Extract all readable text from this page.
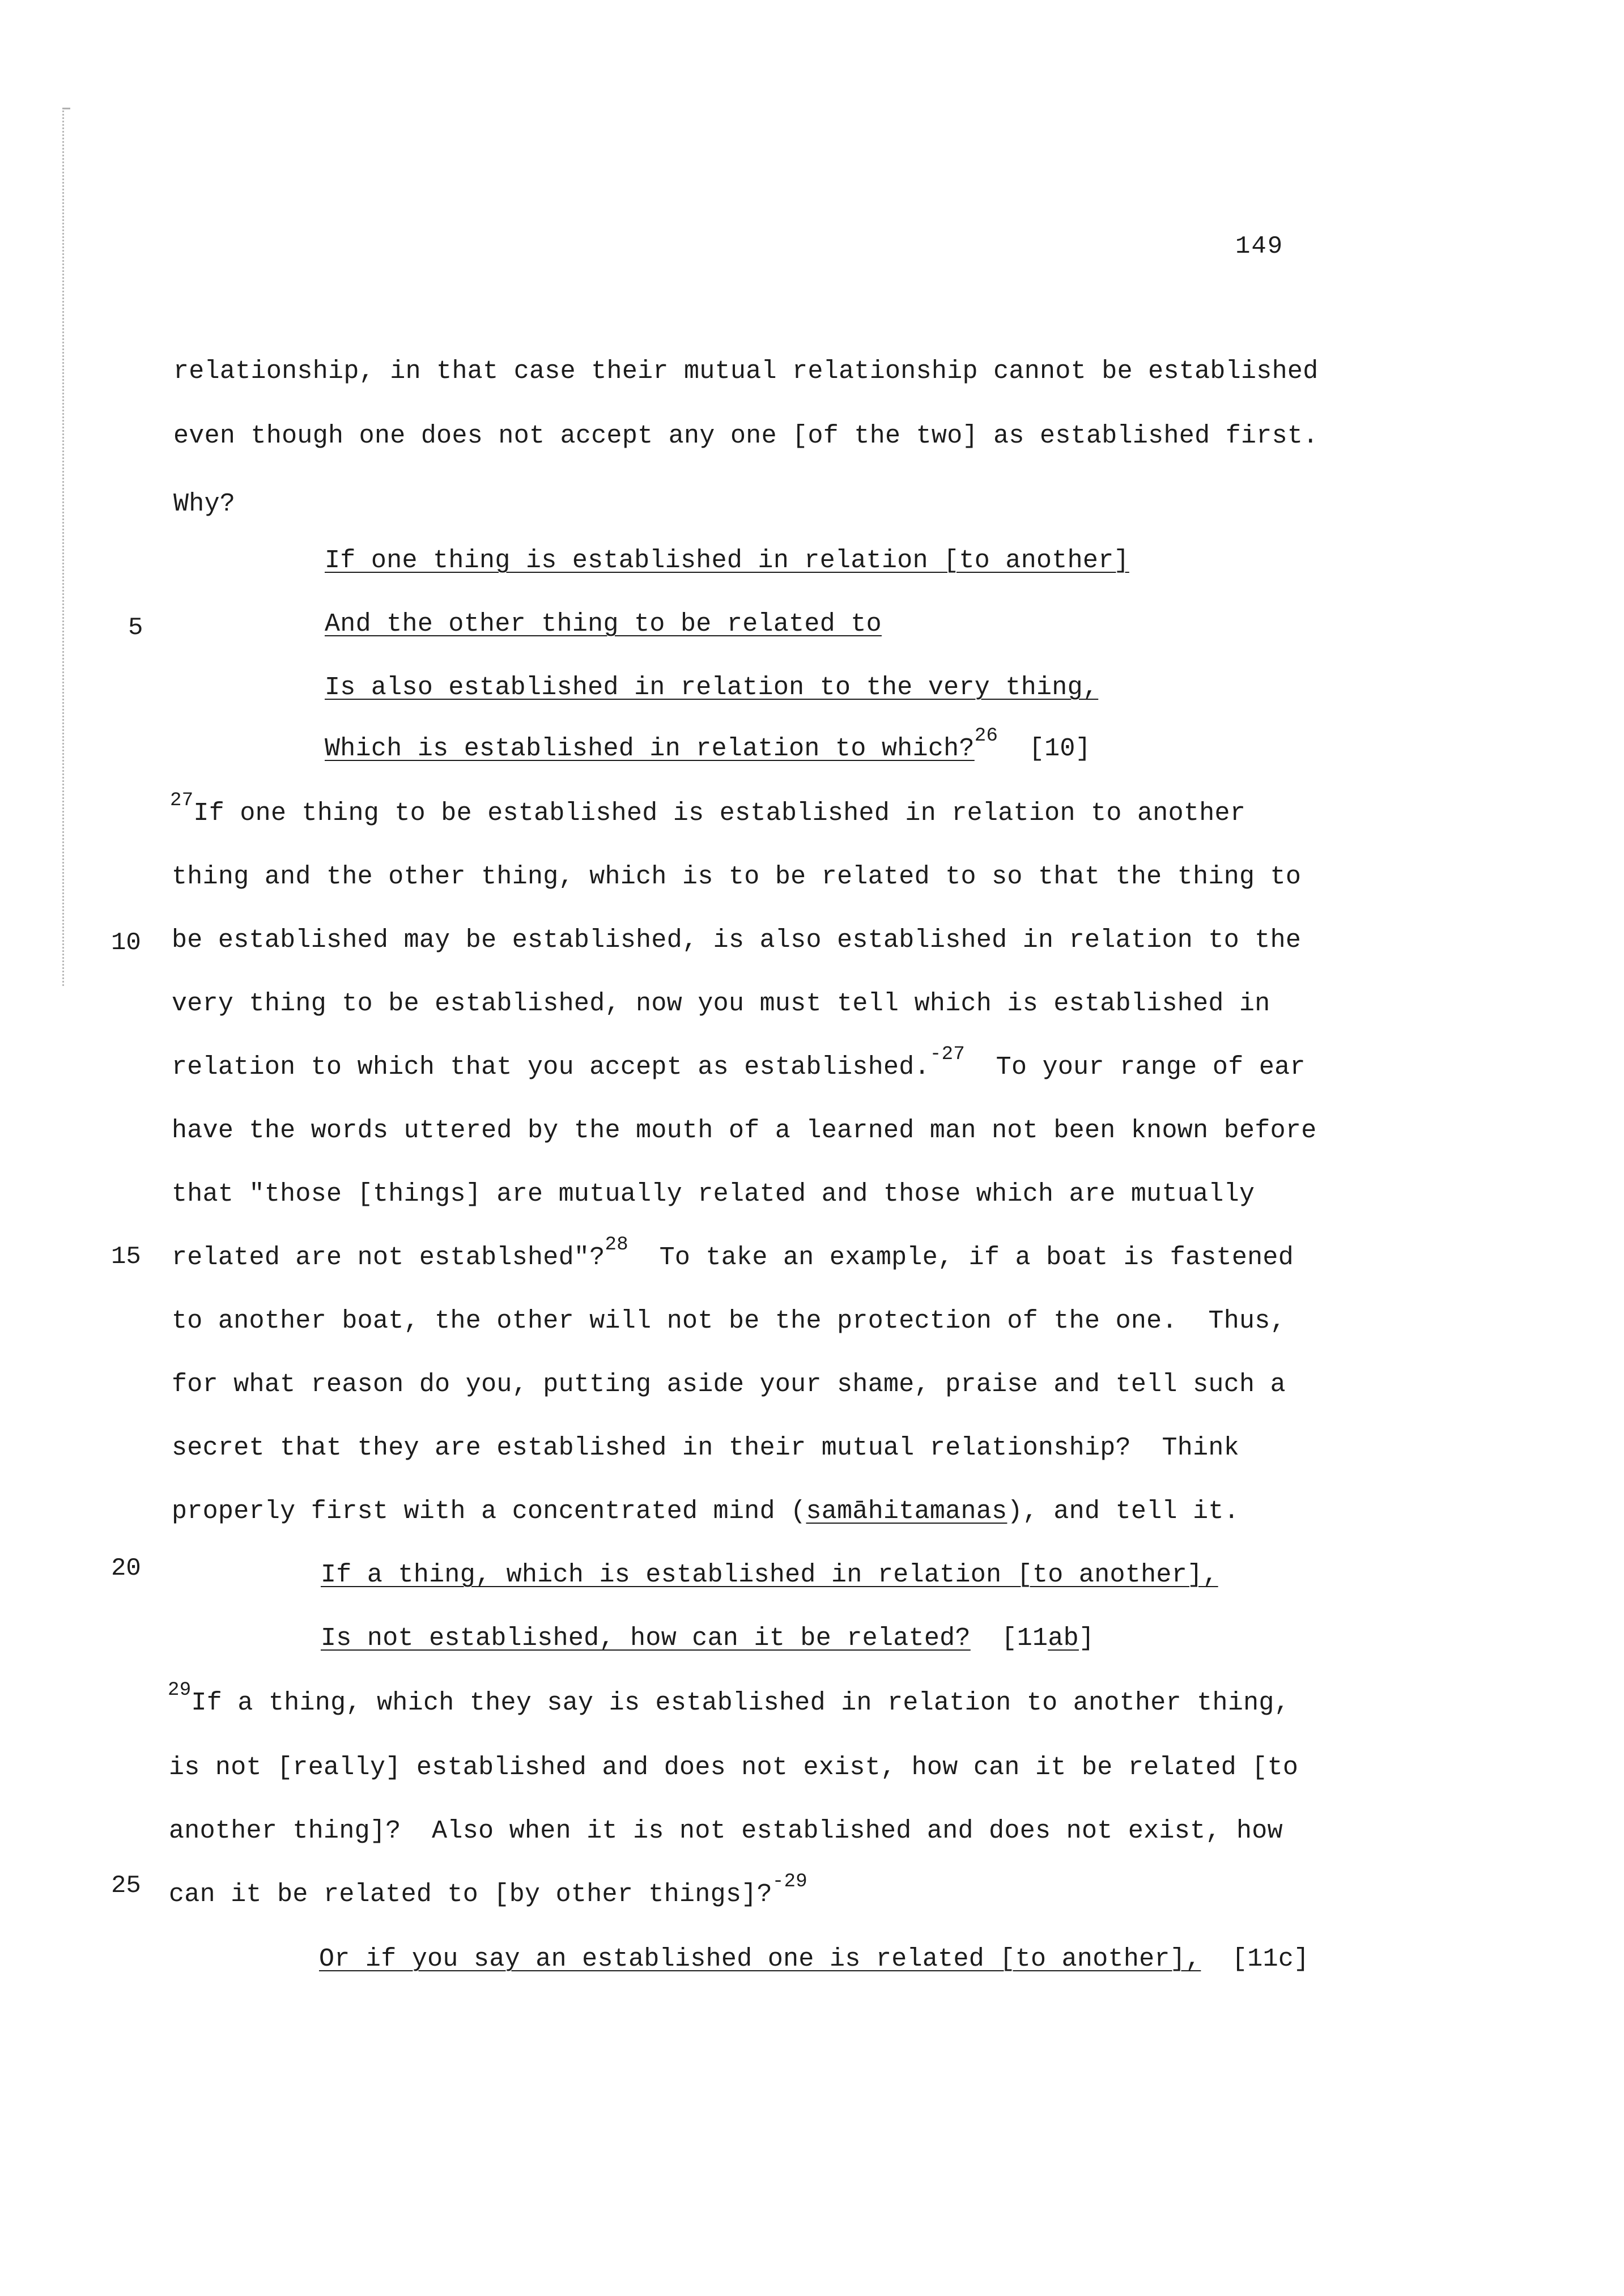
149
5
10
15
20
25
relationship, in that case their mutual relationship cannot be established
even though one does not accept any one [of the two] as established first.
Why?
If one thing is established in relation [to another]
And the other thing to be related to
Is also established in relation to the very thing,
Which is established in relation to which?$^{26}$ [10]
$^{27}$If one thing to be established is established in relation to another
thing and the other thing, which is to be related to so that the thing to
be established may be established, is also established in relation to the
very thing to be established, now you must tell which is established in
relation to which that you accept as established.$^{-27}$ To your range of ear
have the words uttered by the mouth of a learned man not been known before
that "those [things] are mutually related and those which are mutually
related are not establshed"?$^{28}$ To take an example, if a boat is fastened
to another boat, the other will not be the protection of the one.  Thus,
for what reason do you, putting aside your shame, praise and tell such a
secret that they are established in their mutual relationship?  Think
properly first with a concentrated mind (samāhitamanas), and tell it.
If a thing, which is established in relation [to another],
Is not established, how can it be related? [11ab]
$^{29}$If a thing, which they say is established in relation to another thing,
is not [really] established and does not exist, how can it be related [to
another thing]?  Also when it is not established and does not exist, how
can it be related to [by other things]?$^{-29}$
Or if you say an established one is related [to another], [11c]
